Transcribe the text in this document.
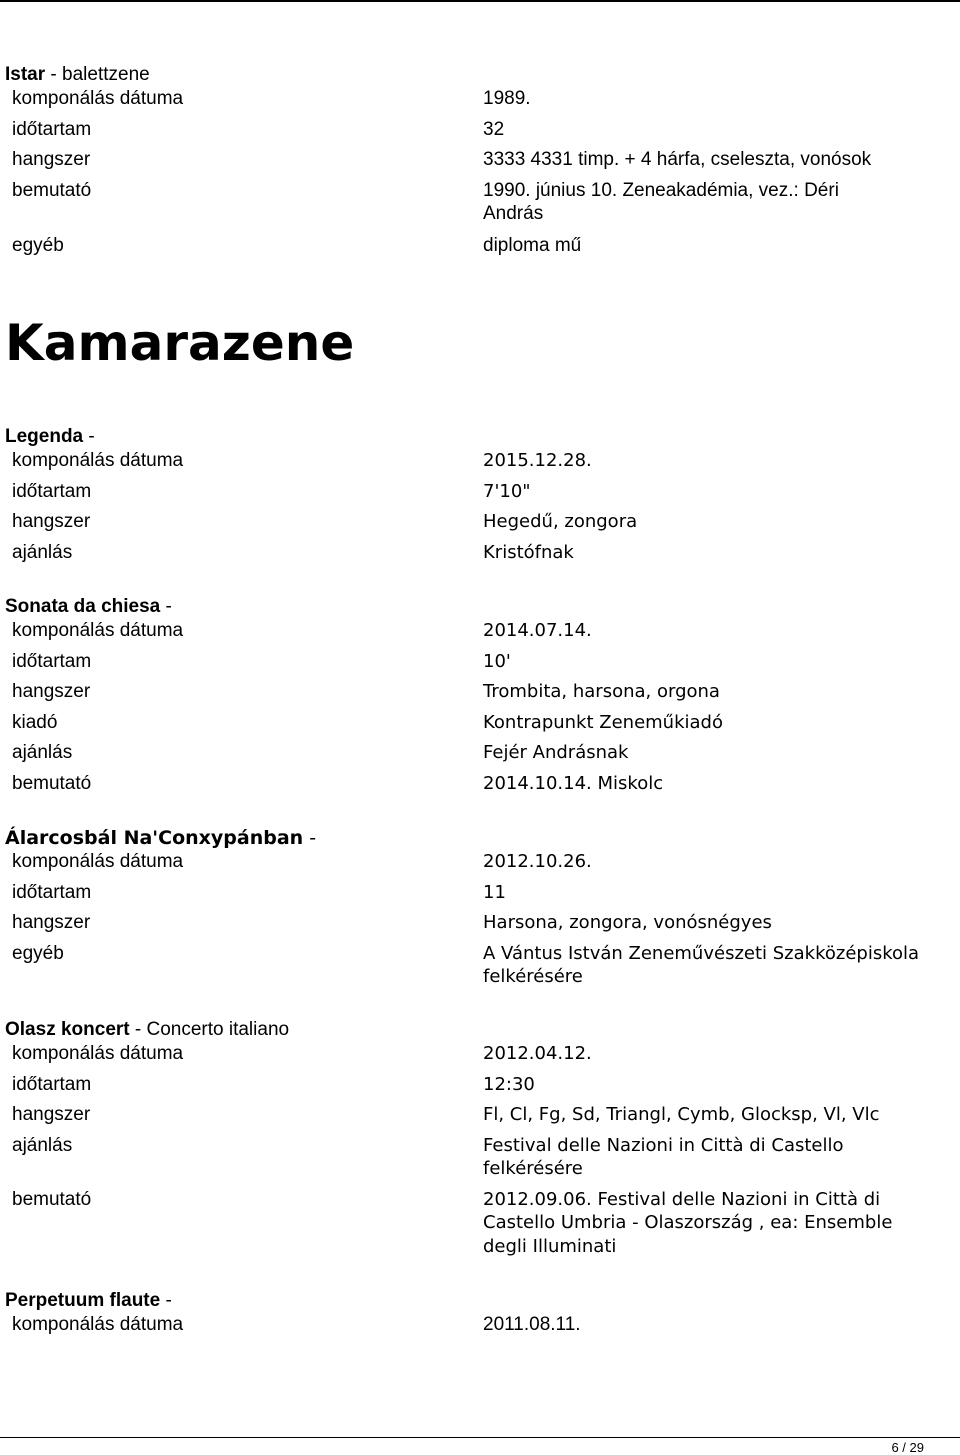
Istar - balettzene
komponálás dátuma	1989.
időtartam	32
hangszer	3333 4331 timp. + 4 hárfa, cseleszta, vonósok
bemutató	1990. június 10. Zeneakadémia, vez.: Déri András
egyéb	diploma mű
Kamarazene
Legenda -
komponálás dátuma	2015.12.28.
időtartam	7'10"
hangszer	Hegedű, zongora
ajánlás	Kristófnak
Sonata da chiesa -
komponálás dátuma	2014.07.14.
időtartam	10'
hangszer	Trombita, harsona, orgona
kiadó	Kontrapunkt Zeneműkiadó
ajánlás	Fejér Andrásnak
bemutató	2014.10.14. Miskolc
Álarcosbál Na'Conxypánban -
komponálás dátuma	2012.10.26.
időtartam	11
hangszer	Harsona, zongora, vonósnégyes
egyéb	A Vántus István Zeneművészeti Szakközépiskola felkérésére
Olasz koncert - Concerto italiano
komponálás dátuma	2012.04.12.
időtartam	12:30
hangszer	Fl, Cl, Fg, Sd, Triangl, Cymb, Glocksp, Vl, Vlc
ajánlás	Festival delle Nazioni in Città di Castello felkérésére
bemutató	2012.09.06. Festival delle Nazioni in Città di Castello Umbria - Olaszország , ea: Ensemble degli Illuminati
Perpetuum flaute -
komponálás dátuma	2011.08.11.
6 / 29
